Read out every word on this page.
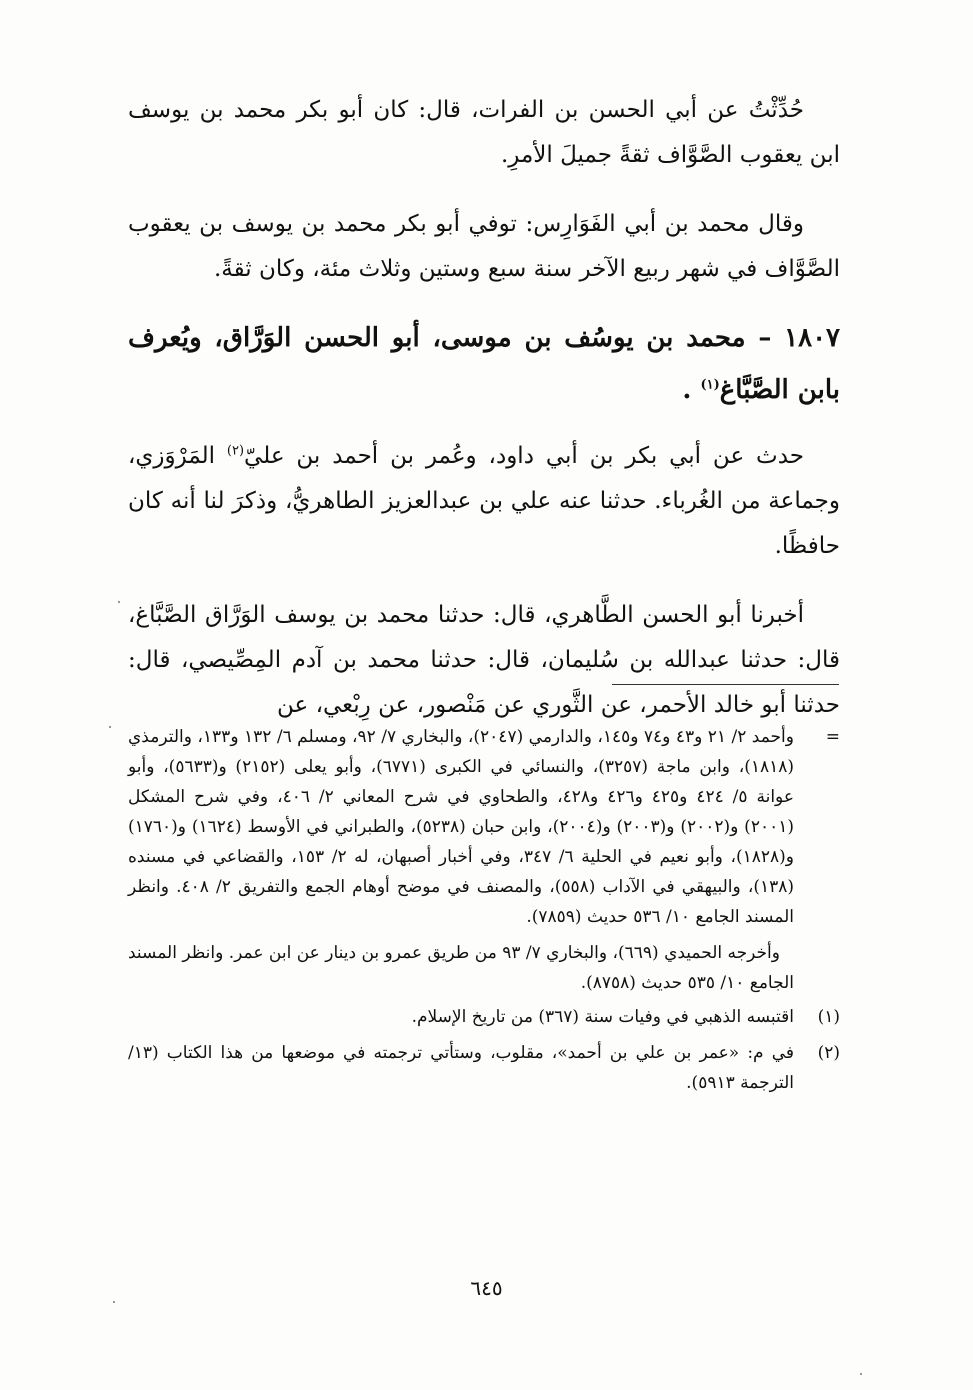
حُدِّثْتُ عن أبي الحسن بن الفرات، قال: كان أبو بكر محمد بن يوسف ابن يعقوب الصَّوَّاف ثقةً جميلَ الأمرِ.

وقال محمد بن أبي الفَوَارِس: توفي أبو بكر محمد بن يوسف بن يعقوب الصَّوَّاف في شهر ربيع الآخر سنة سبع وستين وثلاث مئة، وكان ثقةً.

١٨٠٧ – محمد بن يوسُف بن موسى، أبو الحسن الوَرَّاق، ويُعرف بابن الصَّبَّاغ$^{(١)}$ .

حدث عن أبي بكر بن أبي داود، وعُمر بن أحمد بن عليّ$^{(٢)}$ المَرْوَزي، وجماعة من الغُرباء. حدثنا عنه علي بن عبدالعزيز الطاهريُّ، وذكرَ لنا أنه كان حافظًا.

أخبرنا أبو الحسن الطَّاهري، قال: حدثنا محمد بن يوسف الوَرَّاق الصَّبَّاغ، قال: حدثنا عبدالله بن سُليمان، قال: حدثنا محمد بن آدم المِصِّيصي، قال: حدثنا أبو خالد الأحمر، عن الثَّوري عن مَنْصور، عن رِبْعي، عن

=
وأحمد ٢/ ٢١ و٤٣ و٧٤ و١٤٥، والدارمي (٢٠٤٧)، والبخاري ٧/ ٩٢، ومسلم ٦/ ١٣٢ و١٣٣، والترمذي (١٨١٨)، وابن ماجة (٣٢٥٧)، والنسائي في الكبرى (٦٧٧١)، وأبو يعلى (٢١٥٢) و(٥٦٣٣)، وأبو عوانة ٥/ ٤٢٤ و٤٢٥ و٤٢٦ و٤٢٨، والطحاوي في شرح المعاني ٢/ ٤٠٦، وفي شرح المشكل (٢٠٠١) و(٢٠٠٢) و(٢٠٠٣) و(٢٠٠٤)، وابن حبان (٥٢٣٨)، والطبراني في الأوسط (١٦٢٤) و(١٧٦٠) و(١٨٢٨)، وأبو نعيم في الحلية ٦/ ٣٤٧، وفي أخبار أصبهان، له ٢/ ١٥٣، والقضاعي في مسنده (١٣٨)، والبيهقي في الآداب (٥٥٨)، والمصنف في موضح أوهام الجمع والتفريق ٢/ ٤٠٨. وانظر المسند الجامع ١٠/ ٥٣٦ حديث (٧٨٥٩).
وأخرجه الحميدي (٦٦٩)، والبخاري ٧/ ٩٣ من طريق عمرو بن دينار عن ابن عمر. وانظر المسند الجامع ١٠/ ٥٣٥ حديث (٨٧٥٨).
(١)
اقتبسه الذهبي في وفيات سنة (٣٦٧) من تاريخ الإسلام.
(٢)
في م: «عمر بن علي بن أحمد»، مقلوب، وستأتي ترجمته في موضعها من هذا الكتاب (١٣/ الترجمة ٥٩١٣).
٦٤٥
